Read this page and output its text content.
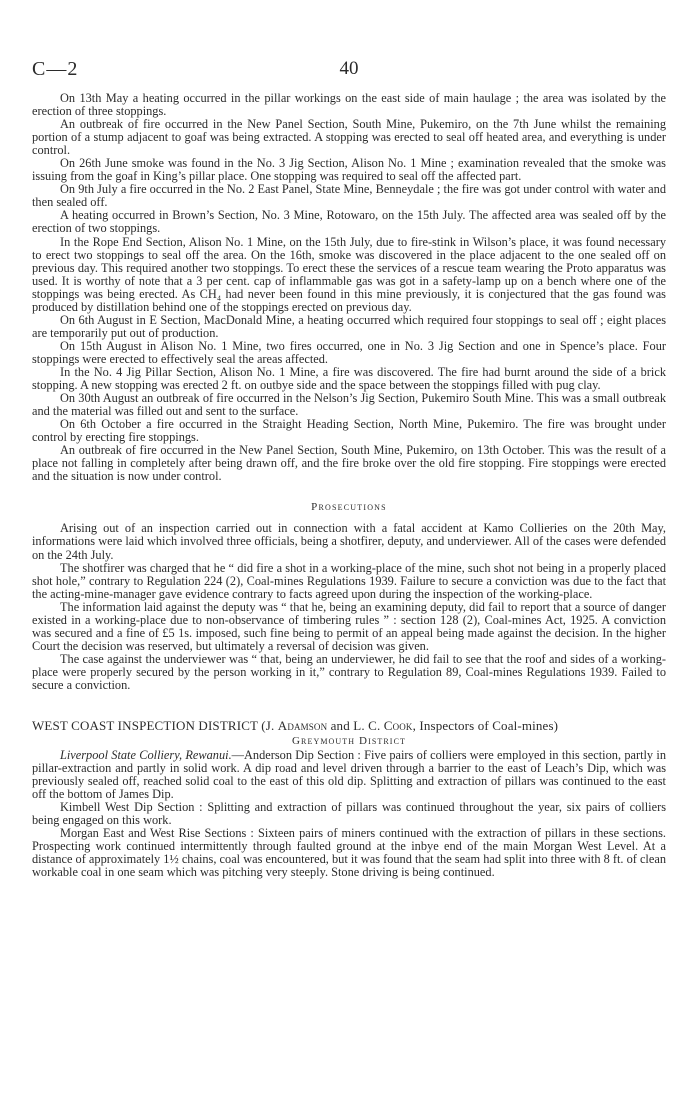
C—2	40

On 13th May a heating occurred in the pillar workings on the east side of main haulage ; the area was isolated by the erection of three stoppings.

An outbreak of fire occurred in the New Panel Section, South Mine, Pukemiro, on the 7th June whilst the remaining portion of a stump adjacent to goaf was being extracted. A stopping was erected to seal off heated area, and everything is under control.

On 26th June smoke was found in the No. 3 Jig Section, Alison No. 1 Mine ; examination revealed that the smoke was issuing from the goaf in King’s pillar place. One stopping was required to seal off the affected part.

On 9th July a fire occurred in the No. 2 East Panel, State Mine, Benneydale ; the fire was got under control with water and then sealed off.

A heating occurred in Brown’s Section, No. 3 Mine, Rotowaro, on the 15th July. The affected area was sealed off by the erection of two stoppings.

In the Rope End Section, Alison No. 1 Mine, on the 15th July, due to fire-stink in Wilson’s place, it was found necessary to erect two stoppings to seal off the area. On the 16th, smoke was discovered in the place adjacent to the one sealed off on previous day. This required another two stoppings. To erect these the services of a rescue team wearing the Proto apparatus was used. It is worthy of note that a 3 per cent. cap of inflammable gas was got in a safety-lamp up on a bench where one of the stoppings was being erected. As CH₄ had never been found in this mine previously, it is conjectured that the gas found was produced by distillation behind one of the stoppings erected on previous day.

On 6th August in E Section, MacDonald Mine, a heating occurred which required four stoppings to seal off ; eight places are temporarily put out of production.

On 15th August in Alison No. 1 Mine, two fires occurred, one in No. 3 Jig Section and one in Spence’s place. Four stoppings were erected to effectively seal the areas affected.

In the No. 4 Jig Pillar Section, Alison No. 1 Mine, a fire was discovered. The fire had burnt around the side of a brick stopping. A new stopping was erected 2 ft. on outbye side and the space between the stoppings filled with pug clay.

On 30th August an outbreak of fire occurred in the Nelson’s Jig Section, Pukemiro South Mine. This was a small outbreak and the material was filled out and sent to the surface.

On 6th October a fire occurred in the Straight Heading Section, North Mine, Pukemiro. The fire was brought under control by erecting fire stoppings.

An outbreak of fire occurred in the New Panel Section, South Mine, Pukemiro, on 13th October. This was the result of a place not falling in completely after being drawn off, and the fire broke over the old fire stopping. Fire stoppings were erected and the situation is now under control.

Prosecutions

Arising out of an inspection carried out in connection with a fatal accident at Kamo Collieries on the 20th May, informations were laid which involved three officials, being a shotfirer, deputy, and underviewer. All of the cases were defended on the 24th July.

The shotfirer was charged that he “ did fire a shot in a working-place of the mine, such shot not being in a properly placed shot hole,” contrary to Regulation 224 (2), Coal-mines Regulations 1939. Failure to secure a conviction was due to the fact that the acting-mine-manager gave evidence contrary to facts agreed upon during the inspection of the working-place.

The information laid against the deputy was “ that he, being an examining deputy, did fail to report that a source of danger existed in a working-place due to non-observance of timbering rules ” : section 128 (2), Coal-mines Act, 1925. A conviction was secured and a fine of £5 1s. imposed, such fine being to permit of an appeal being made against the decision. In the higher Court the decision was reserved, but ultimately a reversal of decision was given.

The case against the underviewer was “ that, being an underviewer, he did fail to see that the roof and sides of a working-place were properly secured by the person working in it,” contrary to Regulation 89, Coal-mines Regulations 1939. Failed to secure a conviction.

WEST COAST INSPECTION DISTRICT (J. Adamson and L. C. Cook, Inspectors of Coal-mines)
Greymouth District

Liverpool State Colliery, Rewanui.—Anderson Dip Section : Five pairs of colliers were employed in this section, partly in pillar-extraction and partly in solid work. A dip road and level driven through a barrier to the east of Leach’s Dip, which was previously sealed off, reached solid coal to the east of this old dip. Splitting and extraction of pillars was continued to the east off the bottom of James Dip.

Kimbell West Dip Section : Splitting and extraction of pillars was continued throughout the year, six pairs of colliers being engaged on this work.

Morgan East and West Rise Sections : Sixteen pairs of miners continued with the extraction of pillars in these sections. Prospecting work continued intermittently through faulted ground at the inbye end of the main Morgan West Level. At a distance of approximately 1½ chains, coal was encountered, but it was found that the seam had split into three with 8 ft. of clean workable coal in one seam which was pitching very steeply. Stone driving is being continued.
